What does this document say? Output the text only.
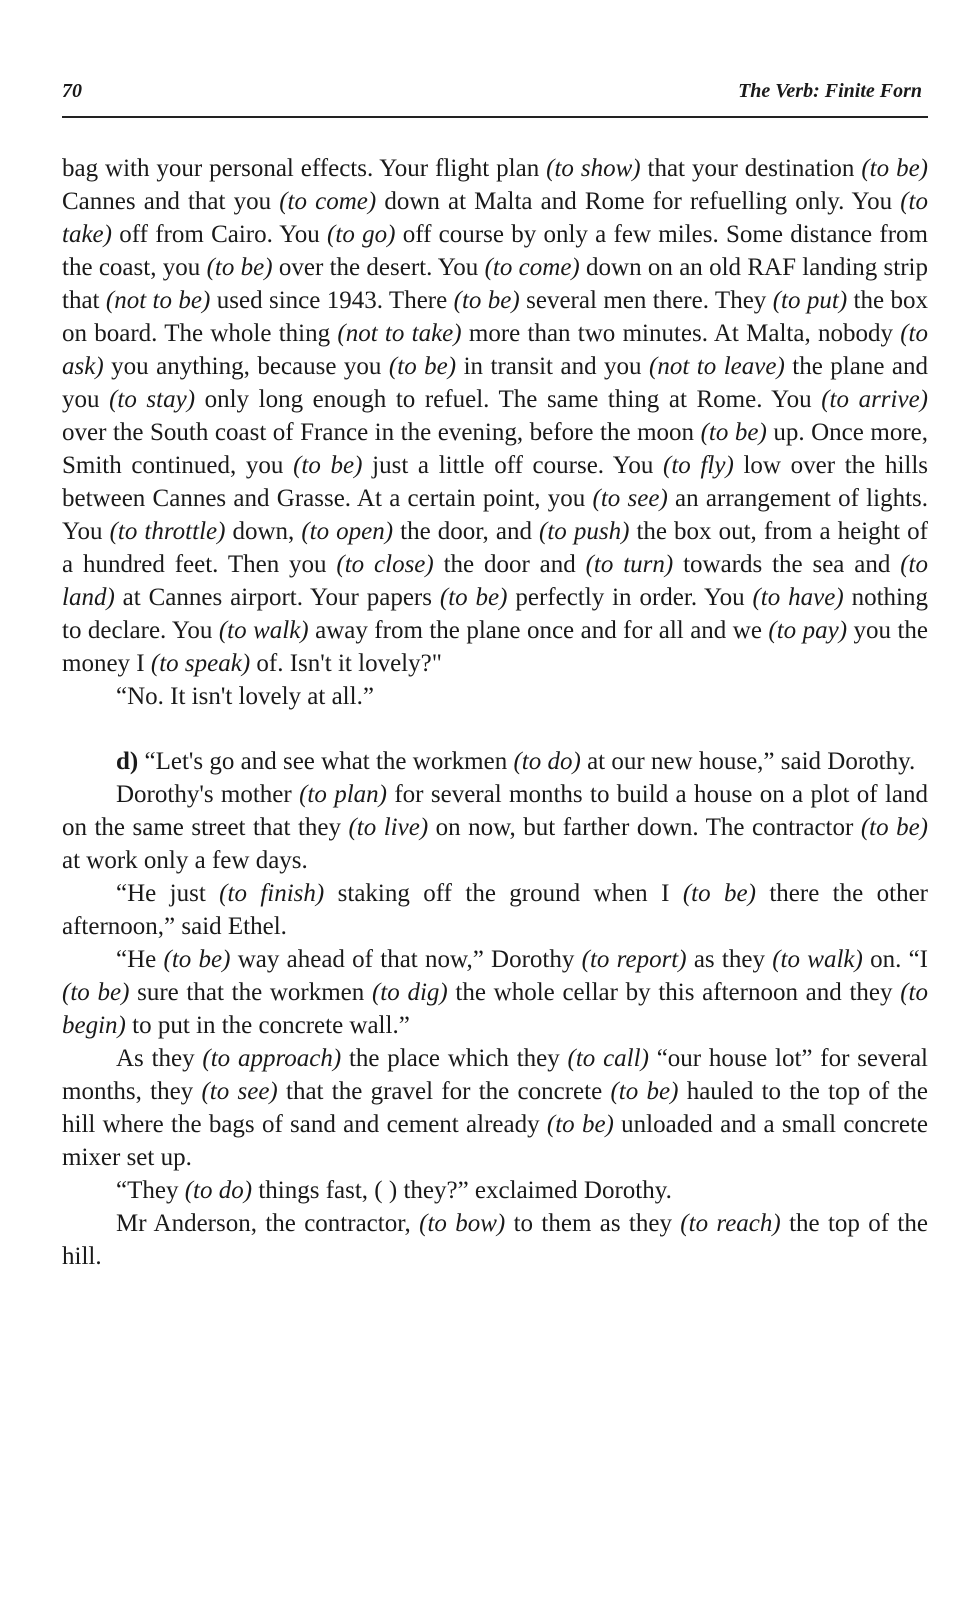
70	The Verb: Finite Forn

bag with your personal effects. Your flight plan (to show) that your destination (to be) Cannes and that you (to come) down at Malta and Rome for refuelling only. You (to take) off from Cairo. You (to go) off course by only a few miles. Some distance from the coast, you (to be) over the desert. You (to come) down on an old RAF landing strip that (not to be) used since 1943. There (to be) several men there. They (to put) the box on board. The whole thing (not to take) more than two minutes. At Malta, nobody (to ask) you anything, because you (to be) in transit and you (not to leave) the plane and you (to stay) only long enough to refuel. The same thing at Rome. You (to arrive) over the South coast of France in the evening, before the moon (to be) up. Once more, Smith continued, you (to be) just a little off course. You (to fly) low over the hills between Cannes and Grasse. At a certain point, you (to see) an arrangement of lights. You (to throttle) down, (to open) the door, and (to push) the box out, from a height of a hundred feet. Then you (to close) the door and (to turn) towards the sea and (to land) at Cannes airport. Your papers (to be) perfectly in order. You (to have) nothing to declare. You (to walk) away from the plane once and for all and we (to pay) you the money I (to speak) of. Isn't it lovely?"

“No. It isn't lovely at all.”

d) “Let's go and see what the workmen (to do) at our new house,” said Dorothy.

Dorothy's mother (to plan) for several months to build a house on a plot of land on the same street that they (to live) on now, but farther down. The contractor (to be) at work only a few days.

“He just (to finish) staking off the ground when I (to be) there the other afternoon,” said Ethel.

“He (to be) way ahead of that now,” Dorothy (to report) as they (to walk) on. “I (to be) sure that the workmen (to dig) the whole cellar by this afternoon and they (to begin) to put in the concrete wall.”

As they (to approach) the place which they (to call) “our house lot” for several months, they (to see) that the gravel for the concrete (to be) hauled to the top of the hill where the bags of sand and cement already (to be) unloaded and a small concrete mixer set up.

“They (to do) things fast, ( ) they?” exclaimed Dorothy.

Mr Anderson, the contractor, (to bow) to them as they (to reach) the top of the hill.
